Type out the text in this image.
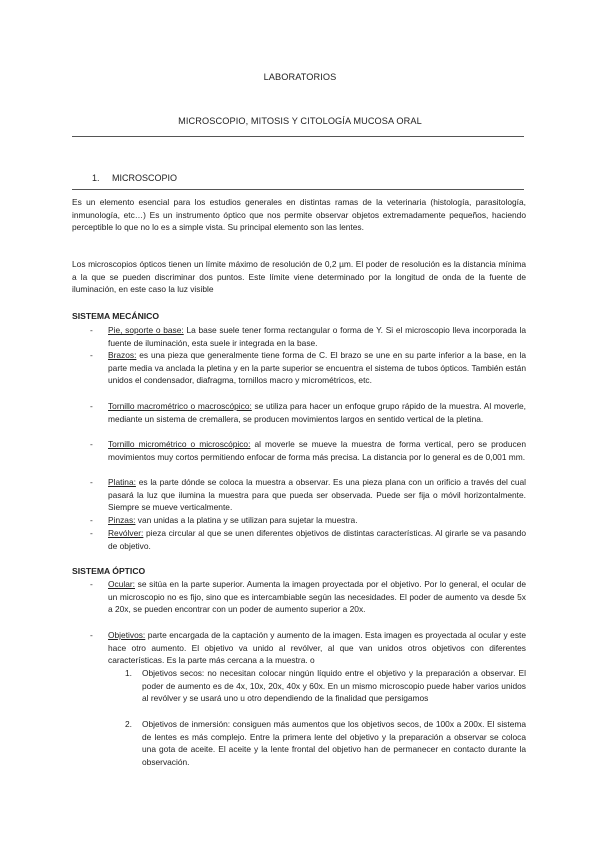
LABORATORIOS
MICROSCOPIO, MITOSIS Y CITOLOGÍA MUCOSA ORAL
1. MICROSCOPIO
Es un elemento esencial para los estudios generales en distintas ramas de la veterinaria (histología, parasitología, inmunología, etc…) Es un instrumento óptico que nos permite observar objetos extremadamente pequeños, haciendo perceptible lo que no lo es a simple vista. Su principal elemento son las lentes.
Los microscopios ópticos tienen un límite máximo de resolución de 0,2 µm. El poder de resolución es la distancia mínima a la que se pueden discriminar dos puntos. Este límite viene determinado por la longitud de onda de la fuente de iluminación, en este caso la luz visible
SISTEMA MECÁNICO
- Pie, soporte o base: La base suele tener forma rectangular o forma de Y. Si el microscopio lleva incorporada la fuente de iluminación, esta suele ir integrada en la base.
- Brazos: es una pieza que generalmente tiene forma de C. El brazo se une en su parte inferior a la base, en la parte media va anclada la pletina y en la parte superior se encuentra el sistema de tubos ópticos. También están unidos el condensador, diafragma, tornillos macro y micrométricos, etc.
- Tornillo macrométrico o macroscópico: se utiliza para hacer un enfoque grupo rápido de la muestra. Al moverle, mediante un sistema de cremallera, se producen movimientos largos en sentido vertical de la pletina.
- Tornillo micrométrico o microscópico: al moverle se mueve la muestra de forma vertical, pero se producen movimientos muy cortos permitiendo enfocar de forma más precisa. La distancia por lo general es de 0,001 mm.
- Platina: es la parte dónde se coloca la muestra a observar. Es una pieza plana con un orificio a través del cual pasará la luz que ilumina la muestra para que pueda ser observada. Puede ser fija o móvil horizontalmente. Siempre se mueve verticalmente.
- Pinzas: van unidas a la platina y se utilizan para sujetar la muestra.
- Revólver: pieza circular al que se unen diferentes objetivos de distintas características. Al girarle se va pasando de objetivo.
SISTEMA ÓPTICO
- Ocular: se sitúa en la parte superior. Aumenta la imagen proyectada por el objetivo. Por lo general, el ocular de un microscopio no es fijo, sino que es intercambiable según las necesidades. El poder de aumento va desde 5x a 20x, se pueden encontrar con un poder de aumento superior a 20x.
- Objetivos: parte encargada de la captación y aumento de la imagen. Esta imagen es proyectada al ocular y este hace otro aumento. El objetivo va unido al revólver, al que van unidos otros objetivos con diferentes características. Es la parte más cercana a la muestra. o
1. Objetivos secos: no necesitan colocar ningún líquido entre el objetivo y la preparación a observar. El poder de aumento es de 4x, 10x, 20x, 40x y 60x. En un mismo microscopio puede haber varios unidos al revólver y se usará uno u otro dependiendo de la finalidad que persigamos
2. Objetivos de inmersión: consiguen más aumentos que los objetivos secos, de 100x a 200x. El sistema de lentes es más complejo. Entre la primera lente del objetivo y la preparación a observar se coloca una gota de aceite. El aceite y la lente frontal del objetivo han de permanecer en contacto durante la observación.
